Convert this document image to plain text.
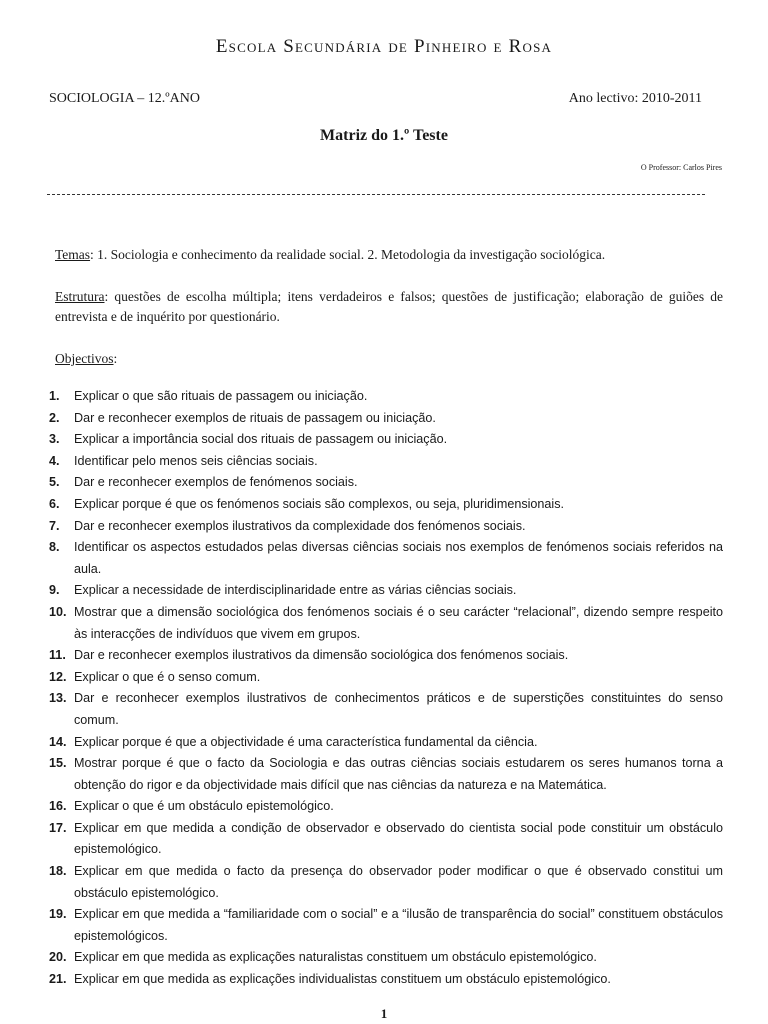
Escola Secundária de Pinheiro e Rosa
SOCIOLOGIA – 12.ºANO	Ano lectivo: 2010-2011
Matriz do 1.º Teste
O Professor: Carlos Pires
Temas: 1. Sociologia e conhecimento da realidade social. 2. Metodologia da investigação sociológica.
Estrutura: questões de escolha múltipla; itens verdadeiros e falsos; questões de justificação; elaboração de guiões de entrevista e de inquérito por questionário.
Objectivos:
1.	Explicar o que são rituais de passagem ou iniciação.
2.	Dar e reconhecer exemplos de rituais de passagem ou iniciação.
3.	Explicar a importância social dos rituais de passagem ou iniciação.
4.	Identificar pelo menos seis ciências sociais.
5.	Dar e reconhecer exemplos de fenómenos sociais.
6.	Explicar porque é que os fenómenos sociais são complexos, ou seja, pluridimensionais.
7.	Dar e reconhecer exemplos ilustrativos da complexidade dos fenómenos sociais.
8.	Identificar os aspectos estudados pelas diversas ciências sociais nos exemplos de fenómenos sociais referidos na aula.
9.	Explicar a necessidade de interdisciplinaridade entre as várias ciências sociais.
10. Mostrar que a dimensão sociológica dos fenómenos sociais é o seu carácter “relacional”, dizendo sempre respeito às interacções de indivíduos que vivem em grupos.
11. Dar e reconhecer exemplos ilustrativos da dimensão sociológica dos fenómenos sociais.
12. Explicar o que é o senso comum.
13. Dar e reconhecer exemplos ilustrativos de conhecimentos práticos e de superstições constituintes do senso comum.
14. Explicar porque é que a objectividade é uma característica fundamental da ciência.
15. Mostrar porque é que o facto da Sociologia e das outras ciências sociais estudarem os seres humanos torna a obtenção do rigor e da objectividade mais difícil que nas ciências da natureza e na Matemática.
16. Explicar o que é um obstáculo epistemológico.
17. Explicar em que medida a condição de observador e observado do cientista social pode constituir um obstáculo epistemológico.
18. Explicar em que medida o facto da presença do observador poder modificar o que é observado constitui um obstáculo epistemológico.
19. Explicar em que medida a “familiaridade com o social” e a “ilusão de transparência do social” constituem obstáculos epistemológicos.
20. Explicar em que medida as explicações naturalistas constituem um obstáculo epistemológico.
21. Explicar em que medida as explicações individualistas constituem um obstáculo epistemológico.
1
